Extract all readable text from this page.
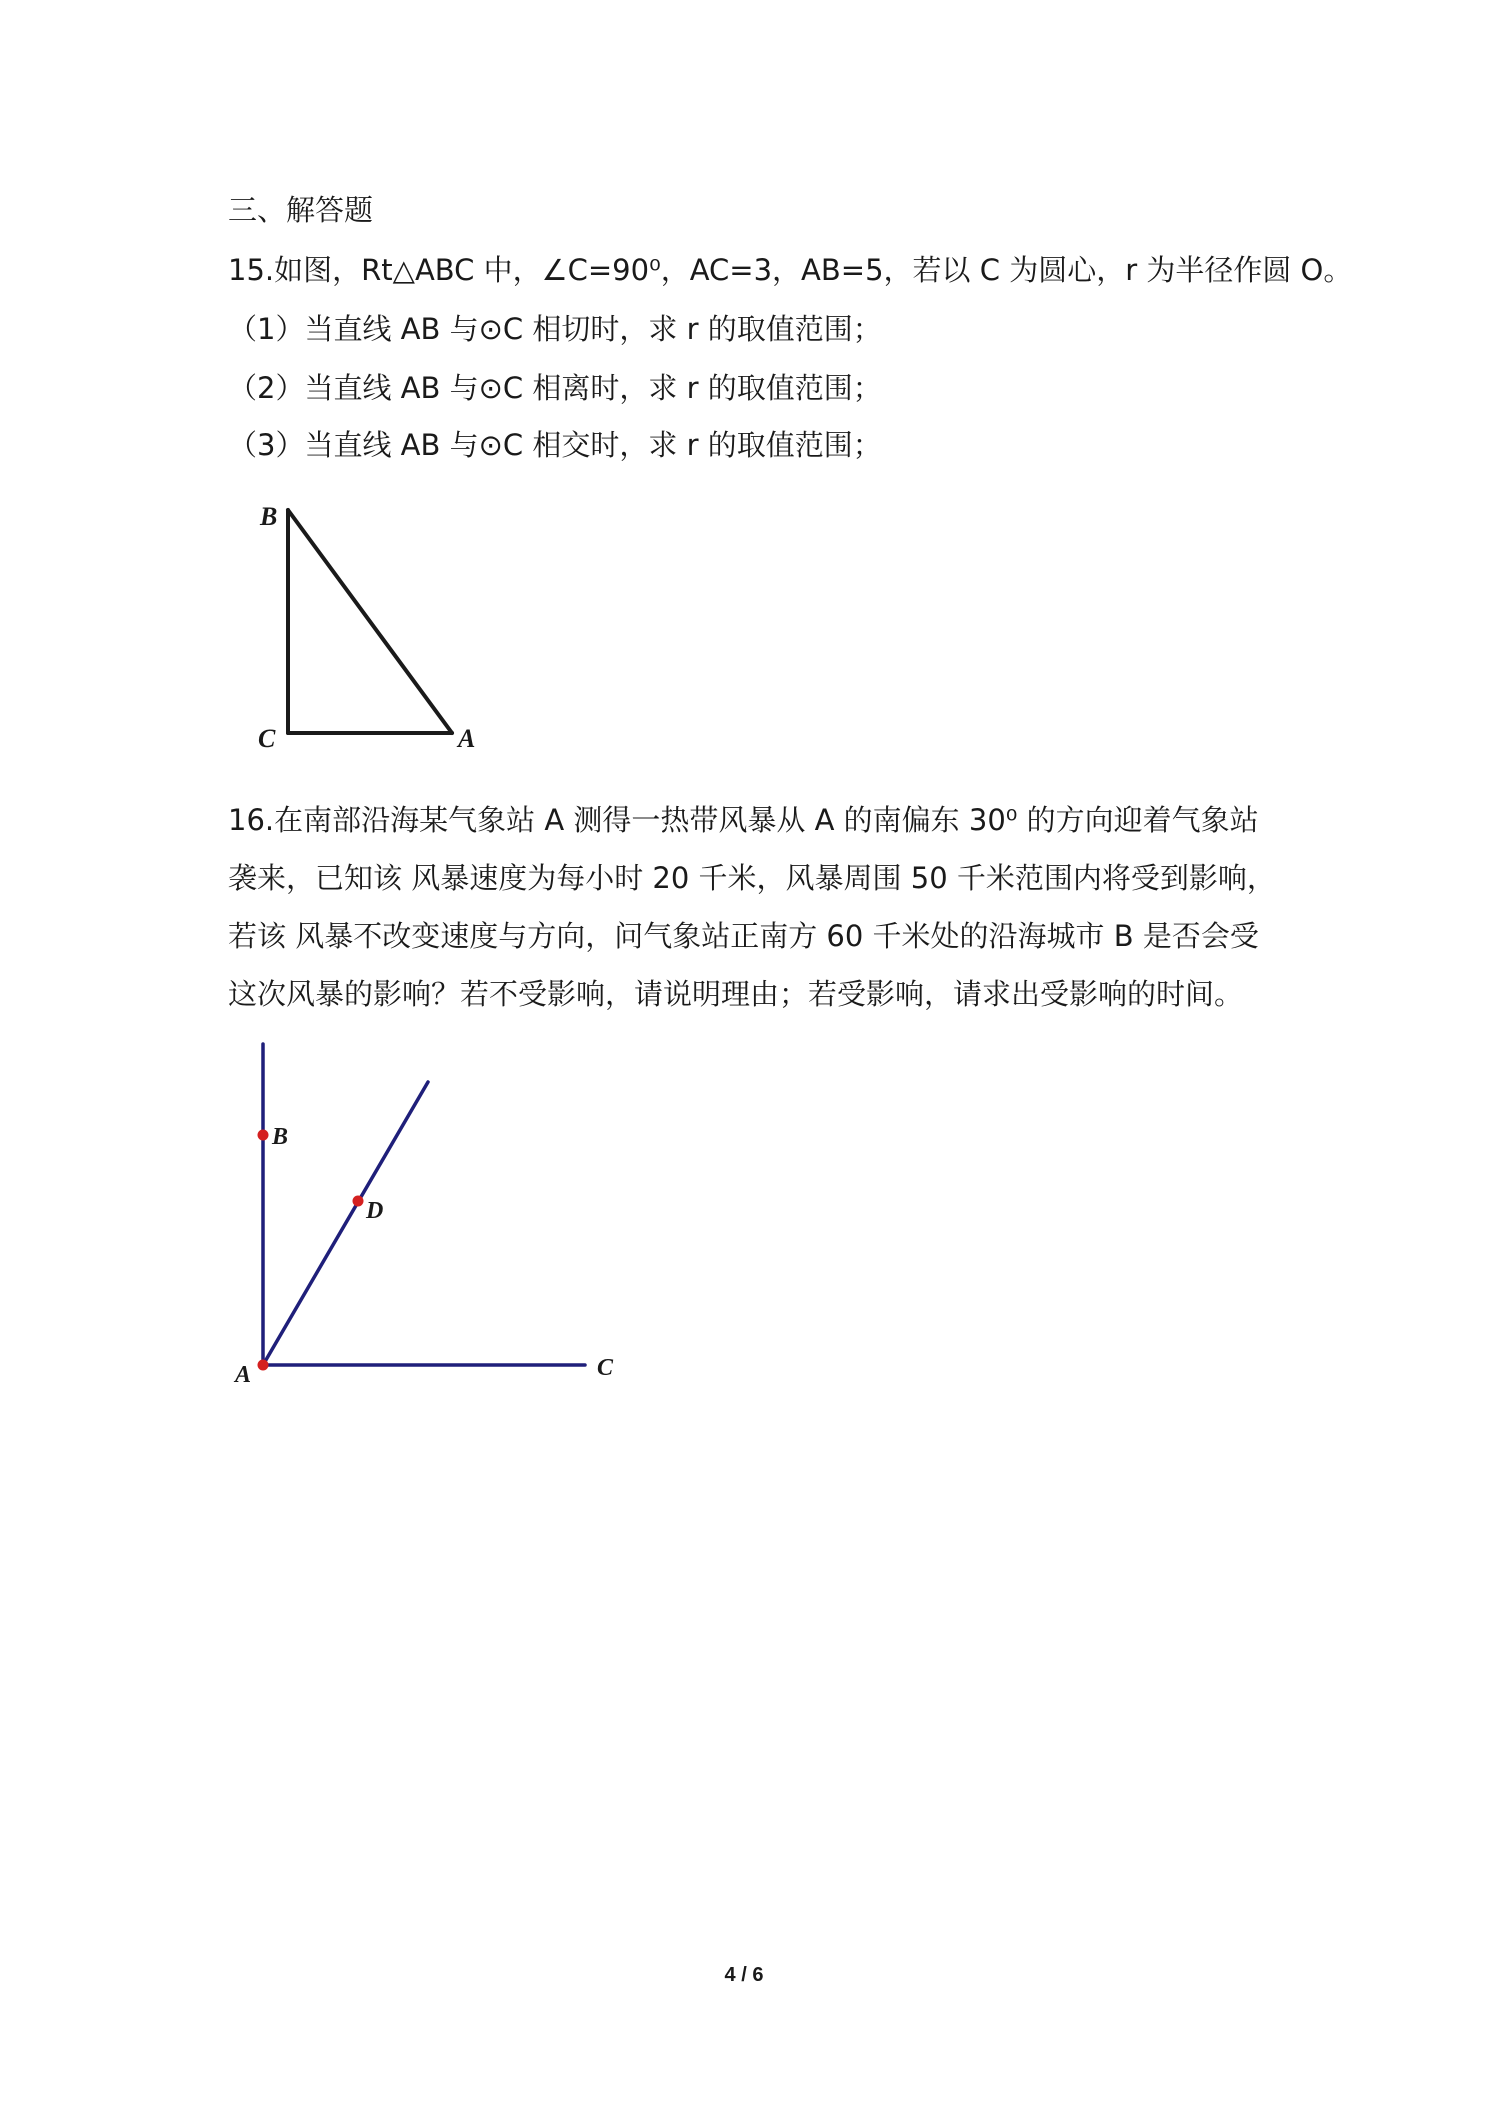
三、解答题
15.如图，Rt△ABC 中，∠C=90⁰，AC=3，AB=5，若以 C 为圆心，r 为半径作圆 O。
（1）当直线 AB 与⊙C 相切时，求 r 的取值范围；
（2）当直线 AB 与⊙C 相离时，求 r 的取值范围；
（3）当直线 AB 与⊙C 相交时，求 r 的取值范围；
B
C	A
16.在南部沿海某气象站 A 测得一热带风暴从 A 的南偏东 30⁰ 的方向迎着气象站
袭来，已知该 风暴速度为每小时 20 千米，风暴周围 50 千米范围内将受到影响，
若该 风暴不改变速度与方向，问气象站正南方 60 千米处的沿海城市 B 是否会受
这次风暴的影响？若不受影响，请说明理由；若受影响，请求出受影响的时间。
B
D
A	C
4 / 6
